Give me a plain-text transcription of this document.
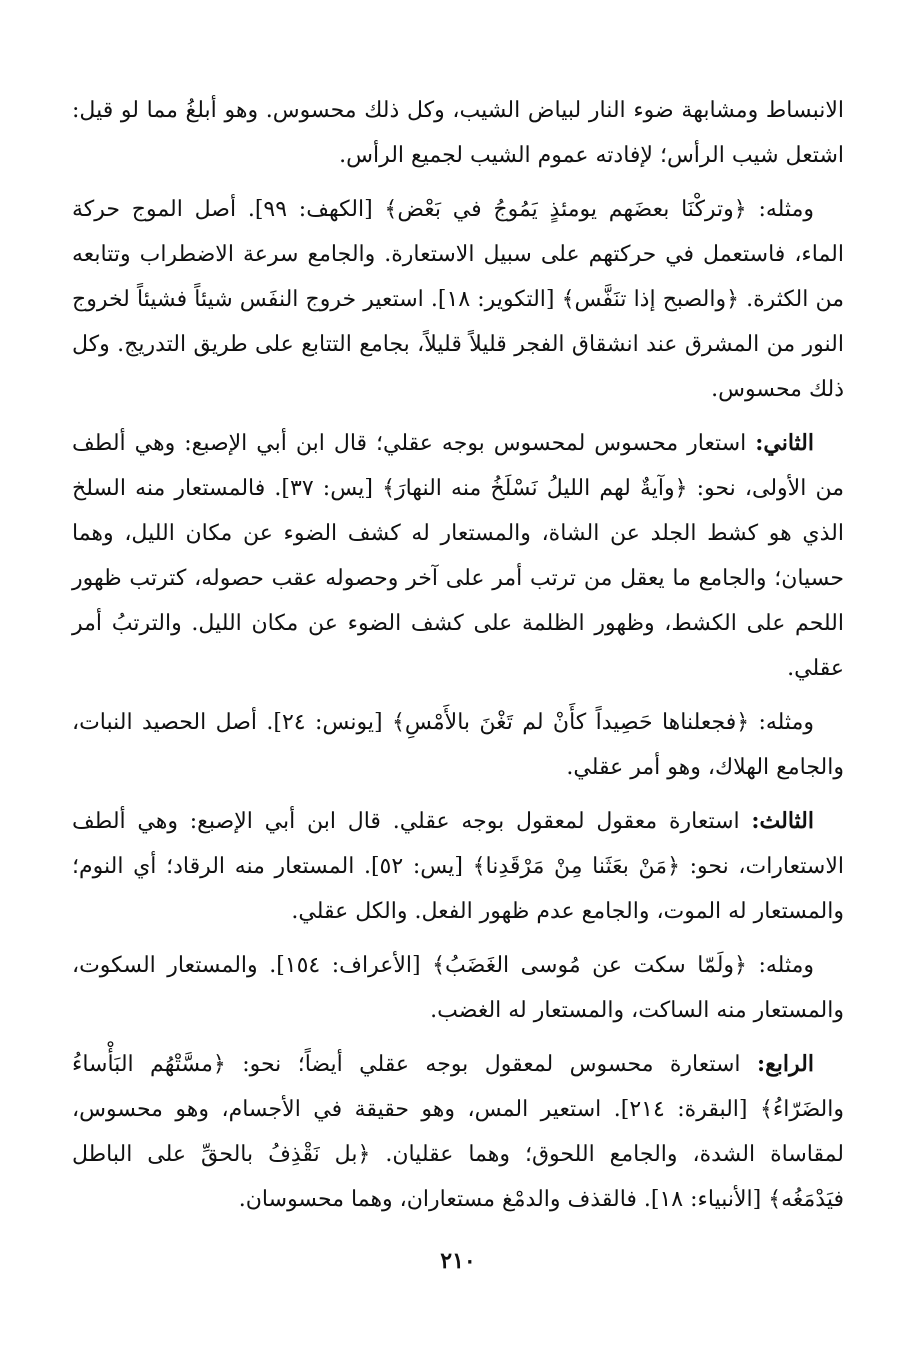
الانبساط ومشابهة ضوء النار لبياض الشيب، وكل ذلك محسوس. وهو أبلغُ مما لو قيل: اشتعل شيب الرأس؛ لإفادته عموم الشيب لجميع الرأس.

ومثله: ﴿وتركْنَا بعضَهم يومئذٍ يَمُوجُ في بَعْض﴾ [الكهف: ٩٩]. أصل الموج حركة الماء، فاستعمل في حركتهم على سبيل الاستعارة. والجامع سرعة الاضطراب وتتابعه من الكثرة. ﴿والصبح إذا تنَفَّس﴾ [التكوير: ١٨]. استعير خروج النفَس شيئاً فشيئاً لخروج النور من المشرق عند انشقاق الفجر قليلاً قليلاً، بجامع التتابع على طريق التدريج. وكل ذلك محسوس.

الثاني: استعار محسوس لمحسوس بوجه عقلي؛ قال ابن أبي الإصبع: وهي ألطف من الأولى، نحو: ﴿وآيةٌ لهم الليلُ نَسْلَخُ منه النهارَ﴾ [يس: ٣٧]. فالمستعار منه السلخ الذي هو كشط الجلد عن الشاة، والمستعار له كشف الضوء عن مكان الليل، وهما حسيان؛ والجامع ما يعقل من ترتب أمر على آخر وحصوله عقب حصوله، كترتب ظهور اللحم على الكشط، وظهور الظلمة على كشف الضوء عن مكان الليل. والترتبُ أمر عقلي.

ومثله: ﴿فجعلناها حَصِيداً كأَنْ لم تَغْنَ بالأَمْسِ﴾ [يونس: ٢٤]. أصل الحصيد النبات، والجامع الهلاك، وهو أمر عقلي.

الثالث: استعارة معقول لمعقول بوجه عقلي. قال ابن أبي الإصبع: وهي ألطف الاستعارات، نحو: ﴿مَنْ بعَثَنا مِنْ مَرْقَدِنا﴾ [يس: ٥٢]. المستعار منه الرقاد؛ أي النوم؛ والمستعار له الموت، والجامع عدم ظهور الفعل. والكل عقلي.

ومثله: ﴿ولَمّا سكت عن مُوسى الغَضَبُ﴾ [الأعراف: ١٥٤]. والمستعار السكوت، والمستعار منه الساكت، والمستعار له الغضب.

الرابع: استعارة محسوس لمعقول بوجه عقلي أيضاً؛ نحو: ﴿مسَّتْهُم البَأْساءُ والضَرّاءُ﴾ [البقرة: ٢١٤]. استعير المس، وهو حقيقة في الأجسام، وهو محسوس، لمقاساة الشدة، والجامع اللحوق؛ وهما عقليان. ﴿بل نَقْذِفُ بالحقِّ على الباطل فيَدْمَغُه﴾ [الأنبياء: ١٨]. فالقذف والدمْغ مستعاران، وهما محسوسان.

٢١٠
